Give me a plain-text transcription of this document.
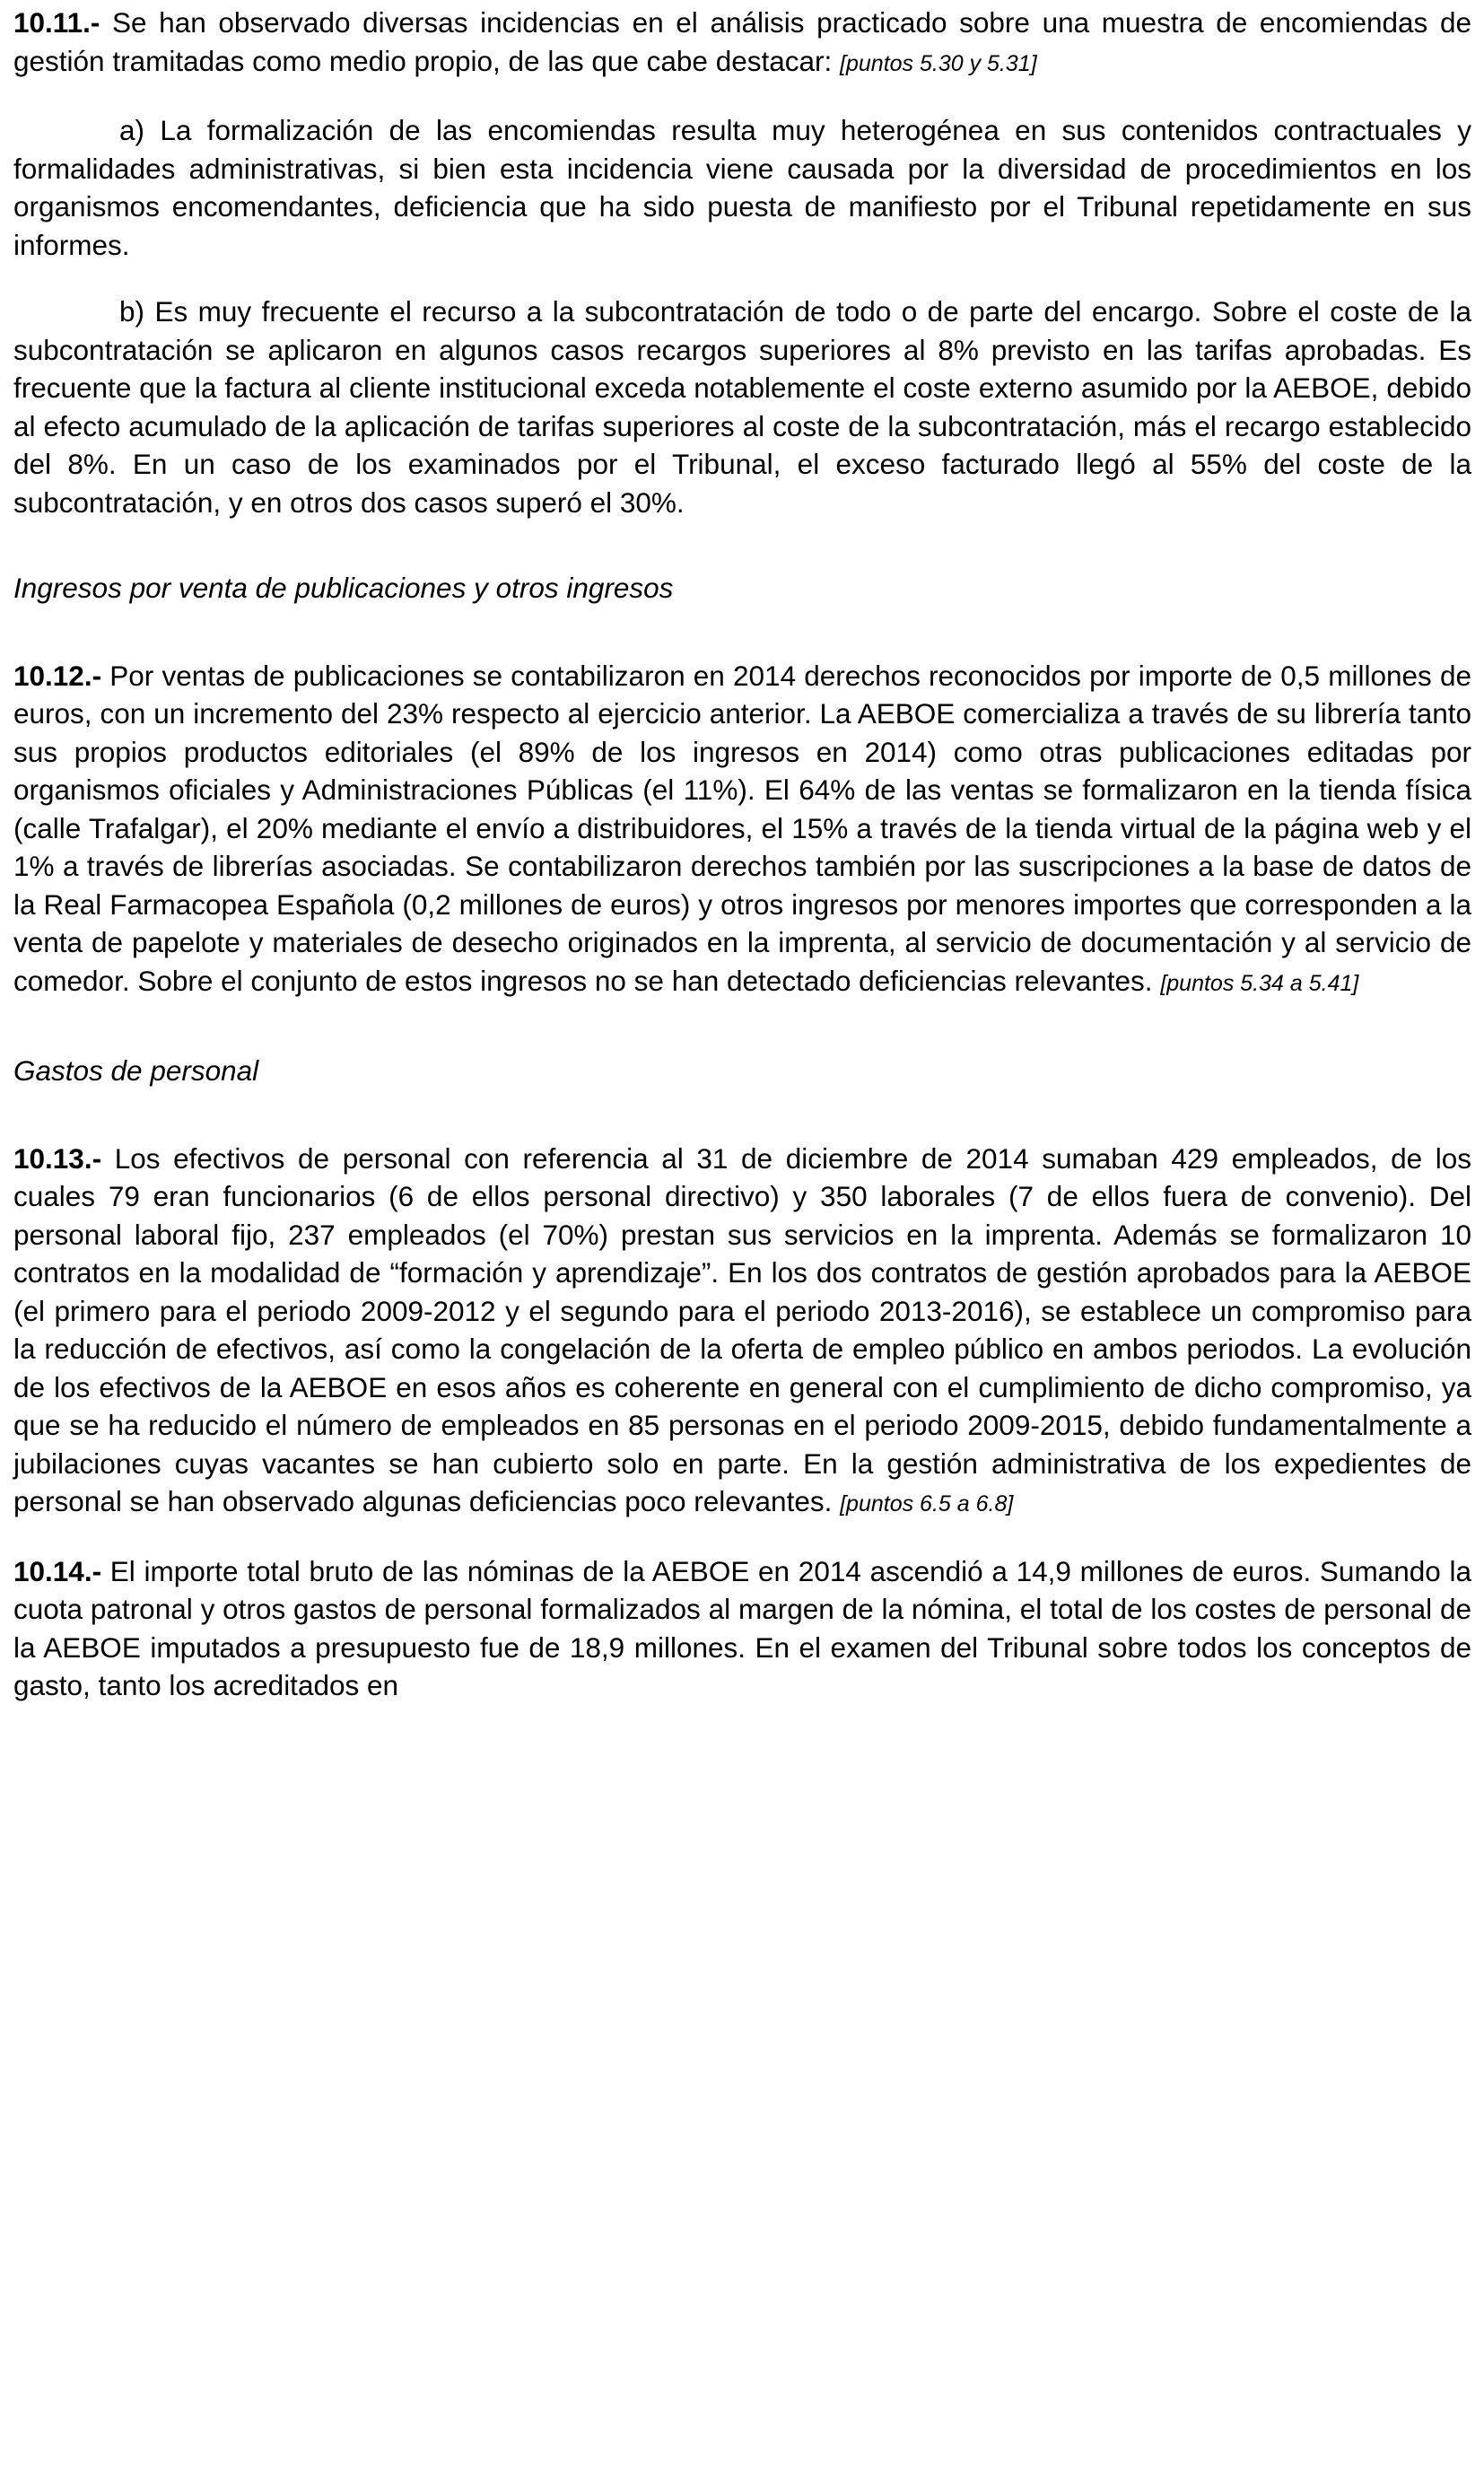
10.11.- Se han observado diversas incidencias en el análisis practicado sobre una muestra de encomiendas de gestión tramitadas como medio propio, de las que cabe destacar: [puntos 5.30 y 5.31]

a) La formalización de las encomiendas resulta muy heterogénea en sus contenidos contractuales y formalidades administrativas, si bien esta incidencia viene causada por la diversidad de procedimientos en los organismos encomendantes, deficiencia que ha sido puesta de manifiesto por el Tribunal repetidamente en sus informes.

b) Es muy frecuente el recurso a la subcontratación de todo o de parte del encargo. Sobre el coste de la subcontratación se aplicaron en algunos casos recargos superiores al 8% previsto en las tarifas aprobadas. Es frecuente que la factura al cliente institucional exceda notablemente el coste externo asumido por la AEBOE, debido al efecto acumulado de la aplicación de tarifas superiores al coste de la subcontratación, más el recargo establecido del 8%. En un caso de los examinados por el Tribunal, el exceso facturado llegó al 55% del coste de la subcontratación, y en otros dos casos superó el 30%.

Ingresos por venta de publicaciones y otros ingresos

10.12.- Por ventas de publicaciones se contabilizaron en 2014 derechos reconocidos por importe de 0,5 millones de euros, con un incremento del 23% respecto al ejercicio anterior. La AEBOE comercializa a través de su librería tanto sus propios productos editoriales (el 89% de los ingresos en 2014) como otras publicaciones editadas por organismos oficiales y Administraciones Públicas (el 11%). El 64% de las ventas se formalizaron en la tienda física (calle Trafalgar), el 20% mediante el envío a distribuidores, el 15% a través de la tienda virtual de la página web y el 1% a través de librerías asociadas. Se contabilizaron derechos también por las suscripciones a la base de datos de la Real Farmacopea Española (0,2 millones de euros) y otros ingresos por menores importes que corresponden a la venta de papelote y materiales de desecho originados en la imprenta, al servicio de documentación y al servicio de comedor. Sobre el conjunto de estos ingresos no se han detectado deficiencias relevantes. [puntos 5.34 a 5.41]

Gastos de personal

10.13.- Los efectivos de personal con referencia al 31 de diciembre de 2014 sumaban 429 empleados, de los cuales 79 eran funcionarios (6 de ellos personal directivo) y 350 laborales (7 de ellos fuera de convenio). Del personal laboral fijo, 237 empleados (el 70%) prestan sus servicios en la imprenta. Además se formalizaron 10 contratos en la modalidad de “formación y aprendizaje”. En los dos contratos de gestión aprobados para la AEBOE (el primero para el periodo 2009-2012 y el segundo para el periodo 2013-2016), se establece un compromiso para la reducción de efectivos, así como la congelación de la oferta de empleo público en ambos periodos. La evolución de los efectivos de la AEBOE en esos años es coherente en general con el cumplimiento de dicho compromiso, ya que se ha reducido el número de empleados en 85 personas en el periodo 2009-2015, debido fundamentalmente a jubilaciones cuyas vacantes se han cubierto solo en parte. En la gestión administrativa de los expedientes de personal se han observado algunas deficiencias poco relevantes. [puntos 6.5 a 6.8]

10.14.- El importe total bruto de las nóminas de la AEBOE en 2014 ascendió a 14,9 millones de euros. Sumando la cuota patronal y otros gastos de personal formalizados al margen de la nómina, el total de los costes de personal de la AEBOE imputados a presupuesto fue de 18,9 millones. En el examen del Tribunal sobre todos los conceptos de gasto, tanto los acreditados en
